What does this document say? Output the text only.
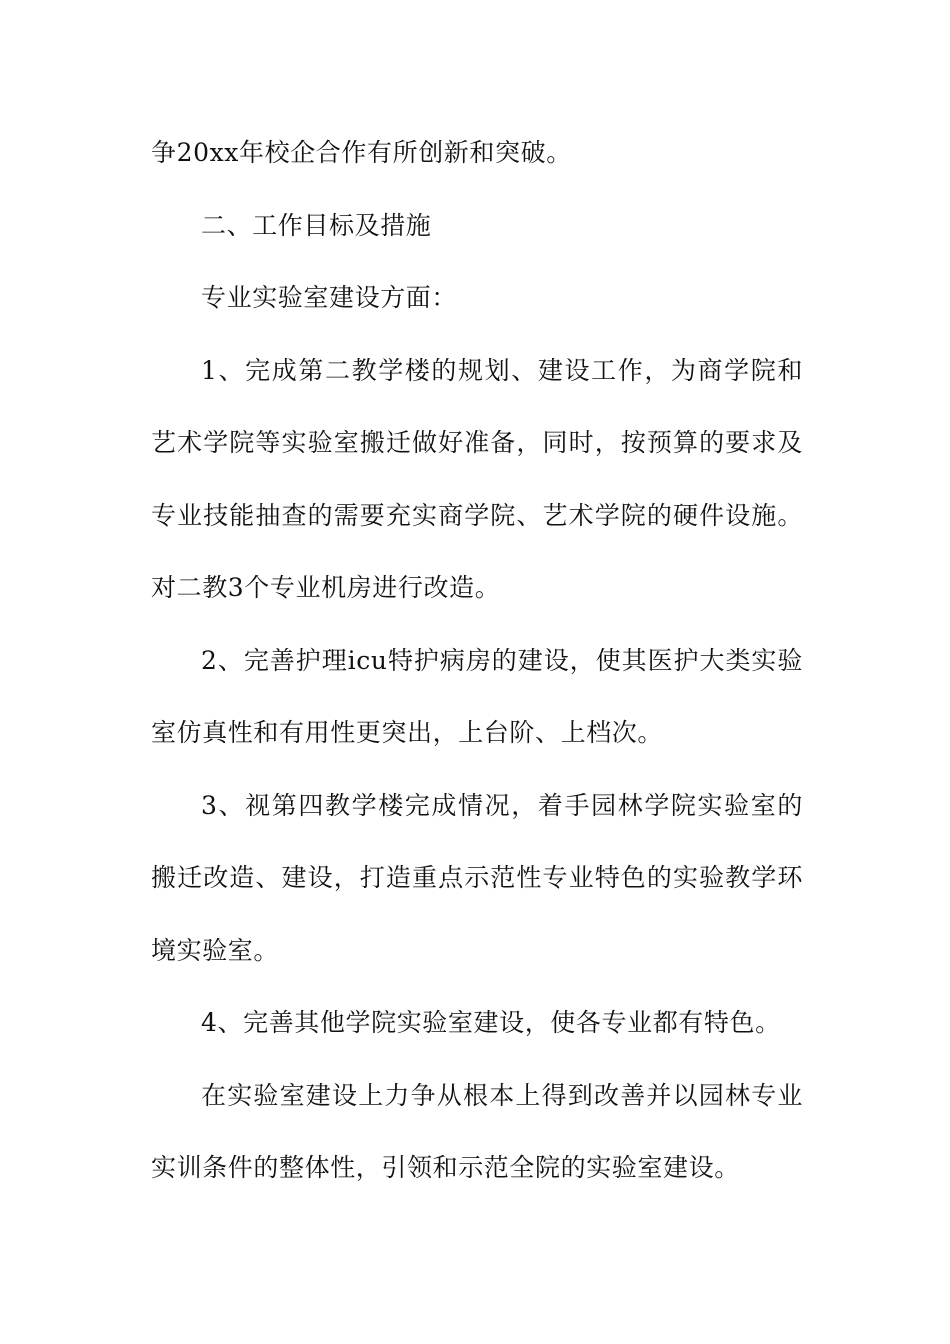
争20xx年校企合作有所创新和突破。

二、工作目标及措施

专业实验室建设方面：

1、完成第二教学楼的规划、建设工作，为商学院和艺术学院等实验室搬迁做好准备，同时，按预算的要求及专业技能抽查的需要充实商学院、艺术学院的硬件设施。对二教3个专业机房进行改造。

2、完善护理icu特护病房的建设，使其医护大类实验室仿真性和有用性更突出，上台阶、上档次。

3、视第四教学楼完成情况，着手园林学院实验室的搬迁改造、建设，打造重点示范性专业特色的实验教学环境实验室。

4、完善其他学院实验室建设，使各专业都有特色。

在实验室建设上力争从根本上得到改善并以园林专业实训条件的整体性，引领和示范全院的实验室建设。
